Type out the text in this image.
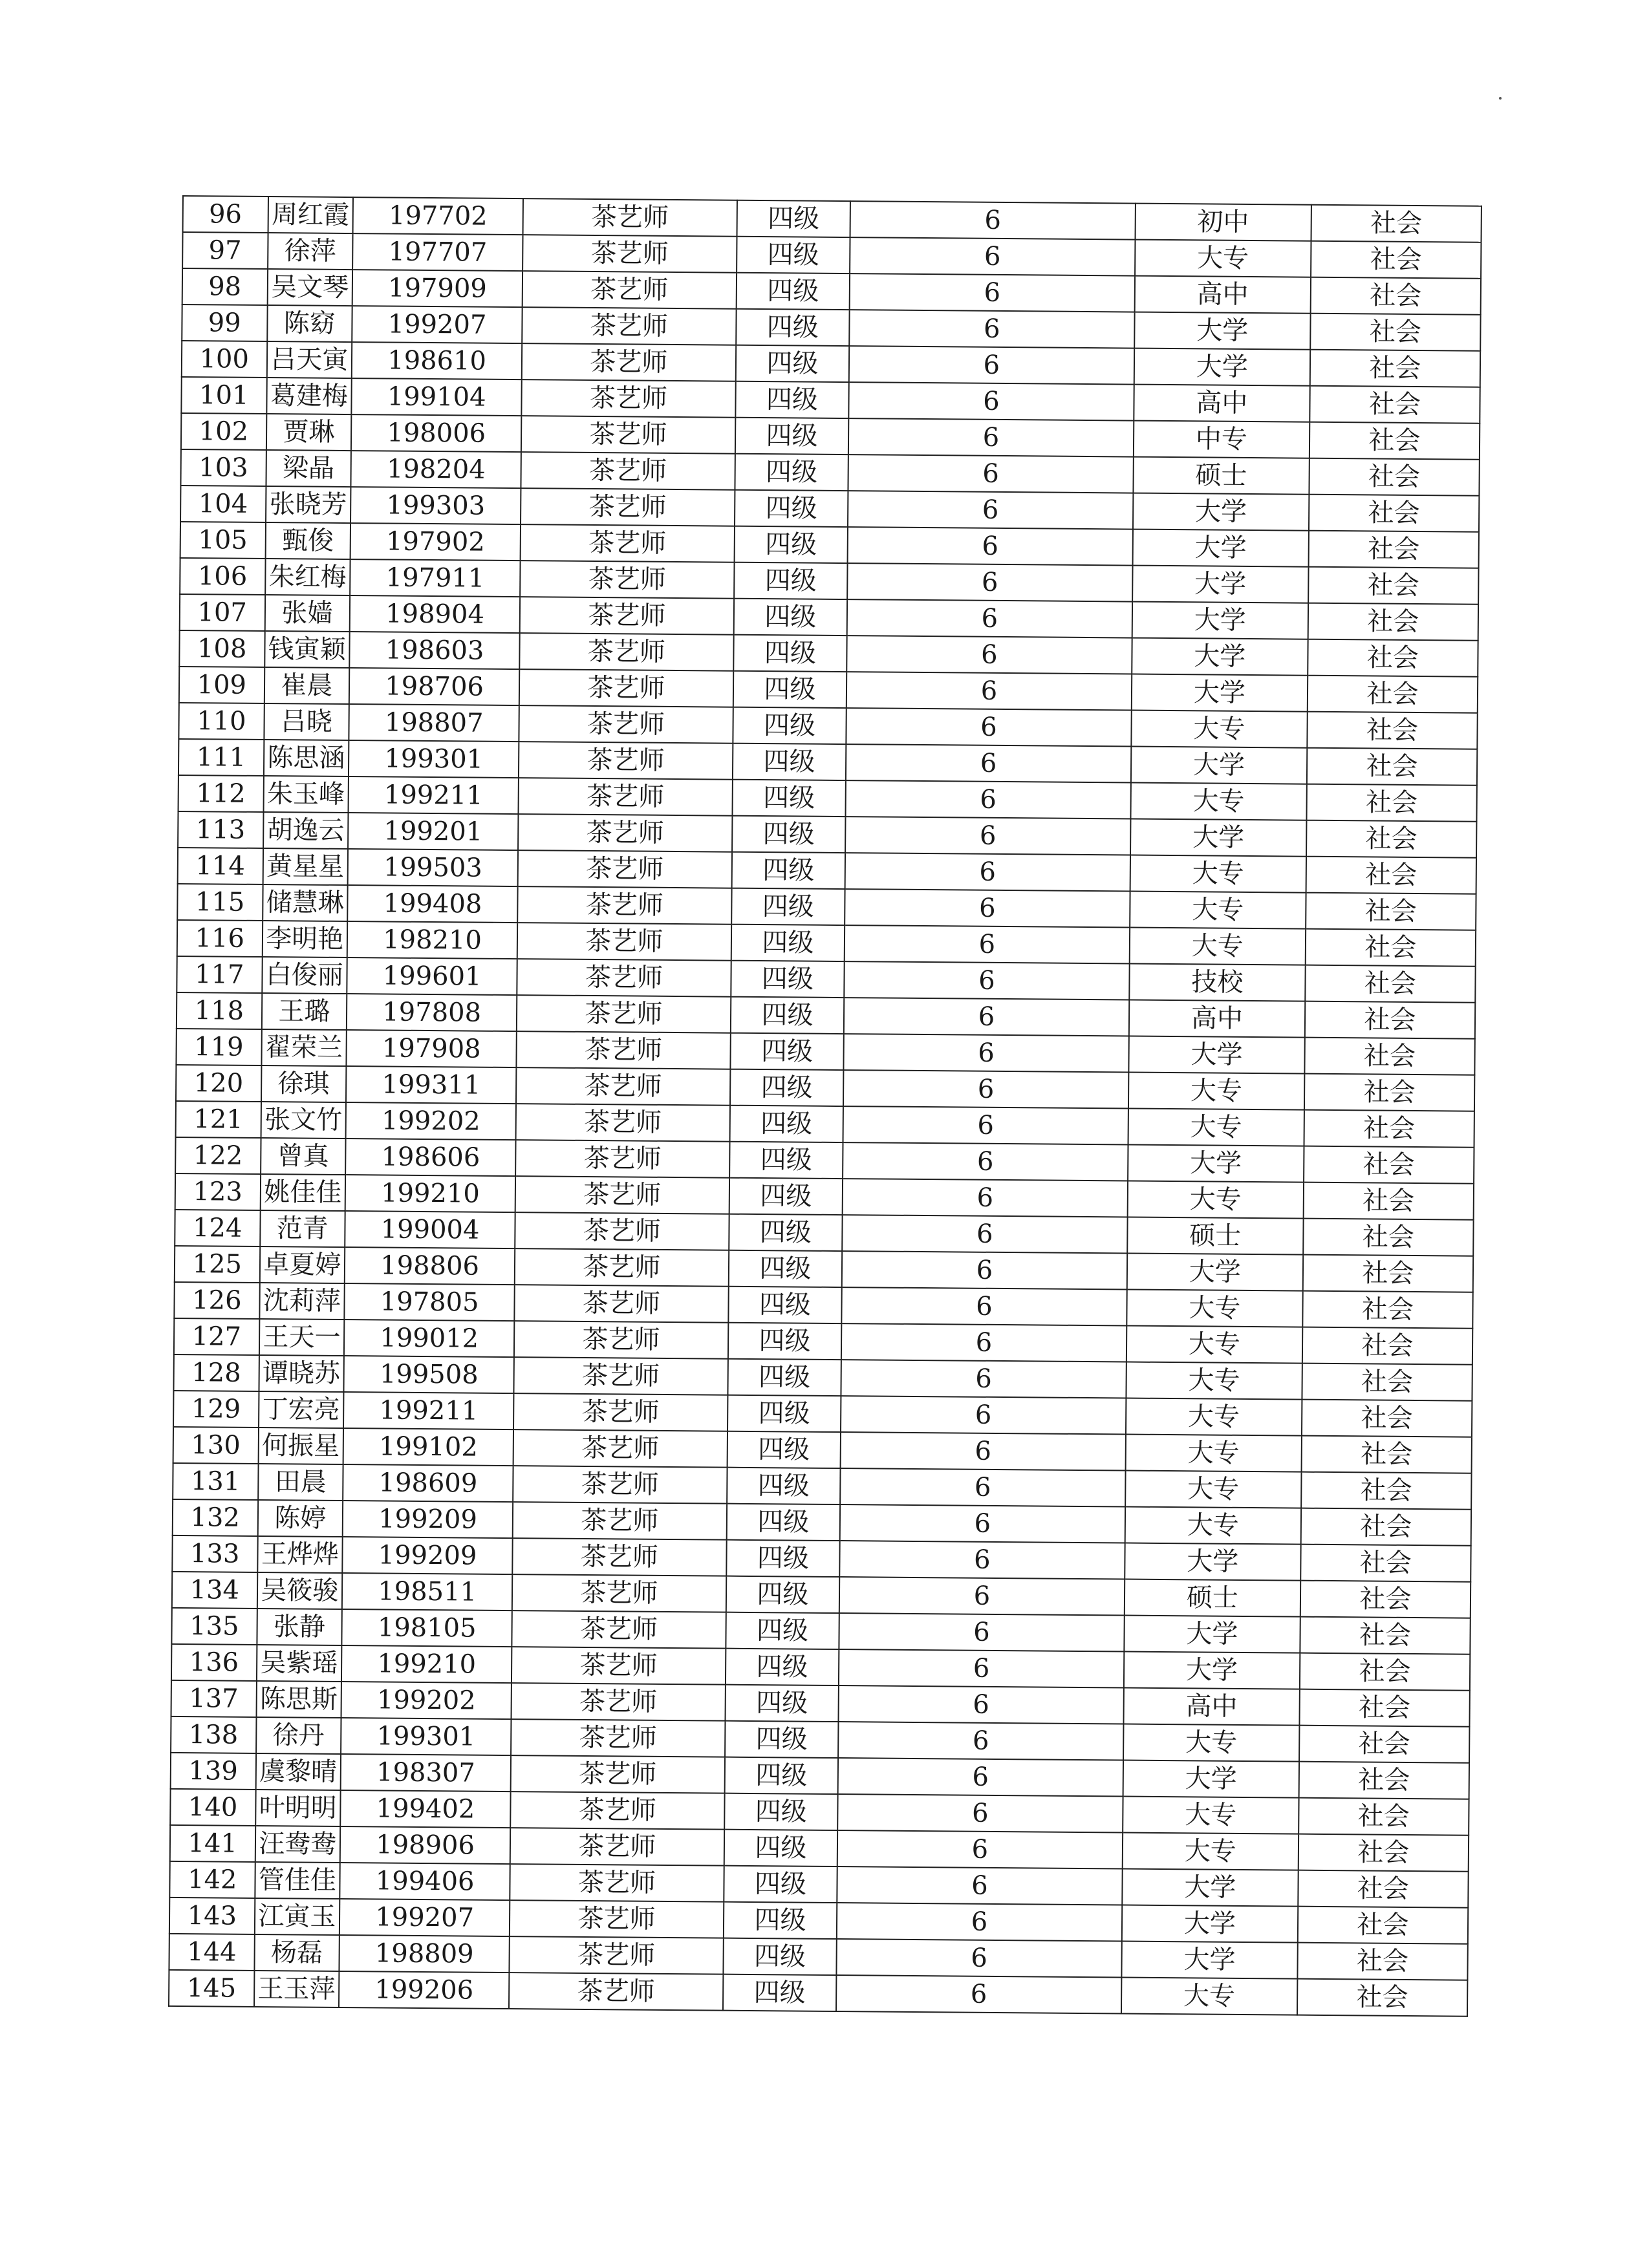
96	周红霞	197702	茶艺师	四级	6	初中	社会
97	徐萍	197707	茶艺师	四级	6	大专	社会
98	吴文琴	197909	茶艺师	四级	6	高中	社会
99	陈窈	199207	茶艺师	四级	6	大学	社会
100	吕天寅	198610	茶艺师	四级	6	大学	社会
101	葛建梅	199104	茶艺师	四级	6	高中	社会
102	贾琳	198006	茶艺师	四级	6	中专	社会
103	梁晶	198204	茶艺师	四级	6	硕士	社会
104	张晓芳	199303	茶艺师	四级	6	大学	社会
105	甄俊	197902	茶艺师	四级	6	大学	社会
106	朱红梅	197911	茶艺师	四级	6	大学	社会
107	张嫱	198904	茶艺师	四级	6	大学	社会
108	钱寅颖	198603	茶艺师	四级	6	大学	社会
109	崔晨	198706	茶艺师	四级	6	大学	社会
110	吕晓	198807	茶艺师	四级	6	大专	社会
111	陈思涵	199301	茶艺师	四级	6	大学	社会
112	朱玉峰	199211	茶艺师	四级	6	大专	社会
113	胡逸云	199201	茶艺师	四级	6	大学	社会
114	黄星星	199503	茶艺师	四级	6	大专	社会
115	储慧琳	199408	茶艺师	四级	6	大专	社会
116	李明艳	198210	茶艺师	四级	6	大专	社会
117	白俊丽	199601	茶艺师	四级	6	技校	社会
118	王璐	197808	茶艺师	四级	6	高中	社会
119	翟荣兰	197908	茶艺师	四级	6	大学	社会
120	徐琪	199311	茶艺师	四级	6	大专	社会
121	张文竹	199202	茶艺师	四级	6	大专	社会
122	曾真	198606	茶艺师	四级	6	大学	社会
123	姚佳佳	199210	茶艺师	四级	6	大专	社会
124	范青	199004	茶艺师	四级	6	硕士	社会
125	卓夏婷	198806	茶艺师	四级	6	大学	社会
126	沈莉萍	197805	茶艺师	四级	6	大专	社会
127	王天一	199012	茶艺师	四级	6	大专	社会
128	谭晓苏	199508	茶艺师	四级	6	大专	社会
129	丁宏亮	199211	茶艺师	四级	6	大专	社会
130	何振星	199102	茶艺师	四级	6	大专	社会
131	田晨	198609	茶艺师	四级	6	大专	社会
132	陈婷	199209	茶艺师	四级	6	大专	社会
133	王烨烨	199209	茶艺师	四级	6	大学	社会
134	吴筱骏	198511	茶艺师	四级	6	硕士	社会
135	张静	198105	茶艺师	四级	6	大学	社会
136	吴紫瑶	199210	茶艺师	四级	6	大学	社会
137	陈思斯	199202	茶艺师	四级	6	高中	社会
138	徐丹	199301	茶艺师	四级	6	大专	社会
139	虞黎晴	198307	茶艺师	四级	6	大学	社会
140	叶明明	199402	茶艺师	四级	6	大专	社会
141	汪鸯鸯	198906	茶艺师	四级	6	大专	社会
142	管佳佳	199406	茶艺师	四级	6	大学	社会
143	江寅玉	199207	茶艺师	四级	6	大学	社会
144	杨磊	198809	茶艺师	四级	6	大学	社会
145	王玉萍	199206	茶艺师	四级	6	大专	社会
